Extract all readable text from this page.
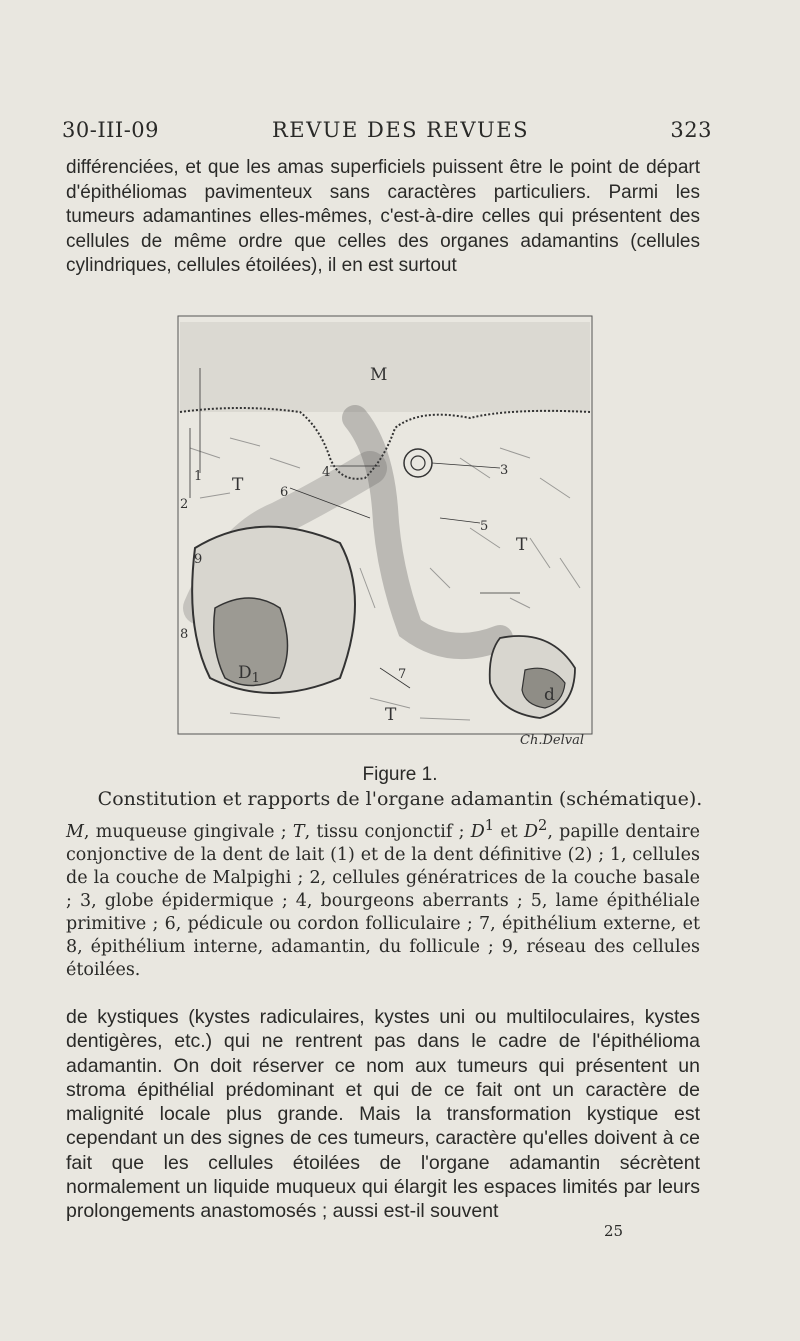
30-III-09	REVUE DES REVUES	323

différenciées, et que les amas superficiels puissent être le point de départ d'épithéliomas pavimenteux sans caractères particuliers. Parmi les tumeurs adamantines elles-mêmes, c'est-à-dire celles qui présentent des cellules de même ordre que celles des organes adamantins (cellules cylindriques, cellules étoilées), il en est surtout

M
T
T
T
$D_1$
d
1
2
3
4
5
6
7
8
9
Ch.Delval
Figure 1.
Constitution et rapports de l'organe adamantin (schématique).

M, muqueuse gingivale ; T, tissu conjonctif ; $D^1$ et $D^2$, papille dentaire conjonctive de la dent de lait (1) et de la dent définitive (2) ; 1, cellules de la couche de Malpighi ; 2, cellules génératrices de la couche basale ; 3, globe épidermique ; 4, bourgeons aberrants ; 5, lame épithéliale primitive ; 6, pédicule ou cordon folliculaire ; 7, épithélium externe, et 8, épithélium interne, adamantin, du follicule ; 9, réseau des cellules étoilées.

de kystiques (kystes radiculaires, kystes uni ou multiloculaires, kystes dentigères, etc.) qui ne rentrent pas dans le cadre de l'épithélioma adamantin. On doit réserver ce nom aux tumeurs qui présentent un stroma épithélial prédominant et qui de ce fait ont un caractère de malignité locale plus grande. Mais la transformation kystique est cependant un des signes de ces tumeurs, caractère qu'elles doivent à ce fait que les cellules étoilées de l'organe adamantin sécrètent normalement un liquide muqueux qui élargit les espaces limités par leurs prolongements anastomosés ; aussi est-il souvent

25
